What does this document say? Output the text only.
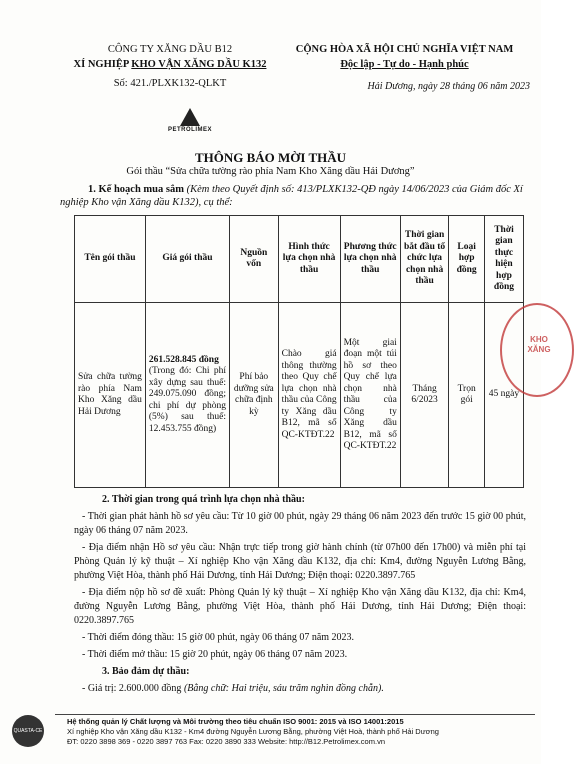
CÔNG TY XĂNG DẦU B12
XÍ NGHIỆP KHO VẬN XĂNG DẦU K132
Số: 421./PLXK132-QLKT
CỘNG HÒA XÃ HỘI CHỦ NGHĨA VIỆT NAM
Độc lập - Tự do - Hạnh phúc
Hải Dương, ngày 28 tháng 06 năm 2023
PETROLIMEX
THÔNG BÁO MỜI THẦU
Gói thầu “Sửa chữa tường rào phía Nam Kho Xăng dầu Hải Dương”
1. Kế hoạch mua sắm (Kèm theo Quyết định số: 413/PLXK132-QĐ ngày 14/06/2023 của Giám đốc Xí nghiệp Kho vận Xăng dầu K132), cụ thể:
Tên gói thầu	Giá gói thầu	Nguồn vốn	Hình thức lựa chọn nhà thầu	Phương thức lựa chọn nhà thầu	Thời gian bắt đầu tổ chức lựa chọn nhà thầu	Loại hợp đồng	Thời gian thực hiện hợp đồng
Sửa chữa tường rào phía Nam Kho Xăng dầu Hải Dương	261.528.845 đồng
(Trong đó: Chi phí xây dựng sau thuế: 249.075.090 đồng; chi phí dự phòng (5%) sau thuế: 12.453.755 đồng)	Phí bảo dưỡng sửa chữa định kỳ	Chào giá thông thường theo Quy chế lựa chọn nhà thầu của Công ty Xăng dầu B12, mã số QC-KTĐT.22	Một giai đoạn một túi hồ sơ theo Quy chế lựa chọn nhà thầu của Công ty Xăng dầu B12, mã số QC-KTĐT.22	Tháng 6/2023	Trọn gói	45 ngày
KHO XĂNG

2. Thời gian trong quá trình lựa chọn nhà thầu:

- Thời gian phát hành hồ sơ yêu cầu: Từ 10 giờ 00 phút, ngày 29 tháng 06 năm 2023 đến trước 15 giờ 00 phút, ngày 06 tháng 07 năm 2023.

- Địa điểm nhận Hồ sơ yêu cầu: Nhận trực tiếp trong giờ hành chính (từ 07h00 đến 17h00) và miễn phí tại Phòng Quản lý kỹ thuật – Xí nghiệp Kho vận Xăng dầu K132, địa chỉ: Km4, đường Nguyễn Lương Bằng, phường Việt Hòa, thành phố Hải Dương, tỉnh Hải Dương; Điện thoại: 0220.3897.765

- Địa điểm nộp hồ sơ đề xuất: Phòng Quản lý kỹ thuật – Xí nghiệp Kho vận Xăng dầu K132, địa chỉ: Km4, đường Nguyễn Lương Bằng, phường Việt Hòa, thành phố Hải Dương, tỉnh Hải Dương; Điện thoại: 0220.3897.765

- Thời điểm đóng thầu: 15 giờ 00 phút, ngày 06 tháng 07 năm 2023.

- Thời điểm mở thầu: 15 giờ 20 phút, ngày 06 tháng 07 năm 2023.

3. Bảo đảm dự thầu:

- Giá trị: 2.600.000 đồng (Bằng chữ: Hai triệu, sáu trăm nghìn đồng chẵn).

QUASTA-CE
Hệ thống quản lý Chất lượng và Môi trường theo tiêu chuẩn ISO 9001: 2015 và ISO 14001:2015
Xí nghiệp Kho vận Xăng dầu K132 - Km4 đường Nguyễn Lương Bằng, phường Việt Hoà, thành phố Hải Dương
ĐT: 0220 3898 369 - 0220 3897 763 Fax: 0220 3890 333 Website: http://B12.Petrolimex.com.vn
